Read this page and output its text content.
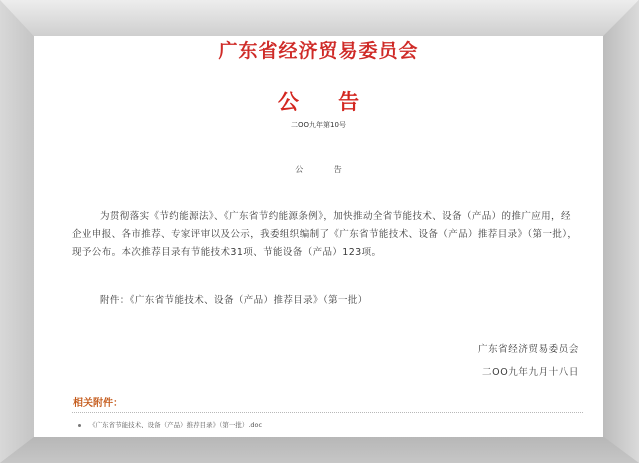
广东省经济贸易委员会
公 告
二OO九年第10号
公 告
为贯彻落实《节约能源法》、《广东省节约能源条例》，加快推动全省节能技术、设备（产品）的推广应用，经企业申报、各市推荐、专家评审以及公示，我委组织编制了《广东省节能技术、设备（产品）推荐目录》（第一批），现予公布。本次推荐目录有节能技术31项、节能设备（产品）123项。
附件：《广东省节能技术、设备（产品）推荐目录》（第一批）
广东省经济贸易委员会
二OO九年九月十八日
相关附件：
《广东省节能技术、设备（产品）推荐目录》（第一批）.doc
